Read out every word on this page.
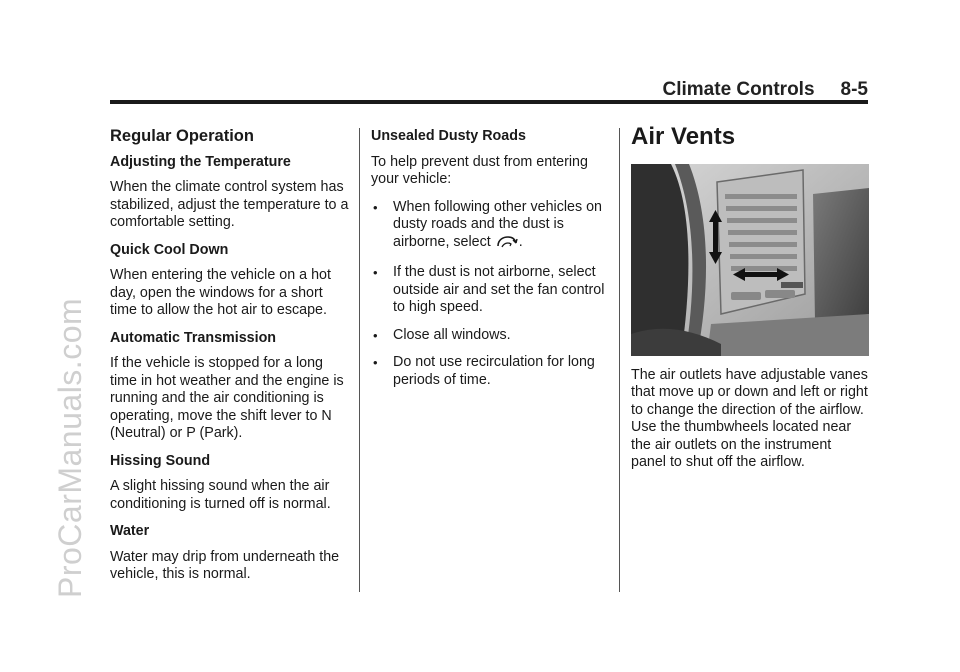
ProCarManuals.com
Climate Controls 8-5
Regular Operation
Adjusting the Temperature

When the climate control system has stabilized, adjust the temperature to a comfortable setting.

Quick Cool Down

When entering the vehicle on a hot day, open the windows for a short time to allow the hot air to escape.

Automatic Transmission

If the vehicle is stopped for a long time in hot weather and the engine is running and the air conditioning is operating, move the shift lever to N (Neutral) or P (Park).

Hissing Sound

A slight hissing sound when the air conditioning is turned off is normal.

Water

Water may drip from underneath the vehicle, this is normal.

Unsealed Dusty Roads

To help prevent dust from entering your vehicle:

• When following other vehicles on dusty roads and the dust is airborne, select .
• If the dust is not airborne, select outside air and set the fan control to high speed.
• Close all windows.
• Do not use recirculation for long periods of time.
Air Vents

The air outlets have adjustable vanes that move up or down and left or right to change the direction of the airflow. Use the thumbwheels located near the air outlets on the instrument panel to shut off the airflow.
